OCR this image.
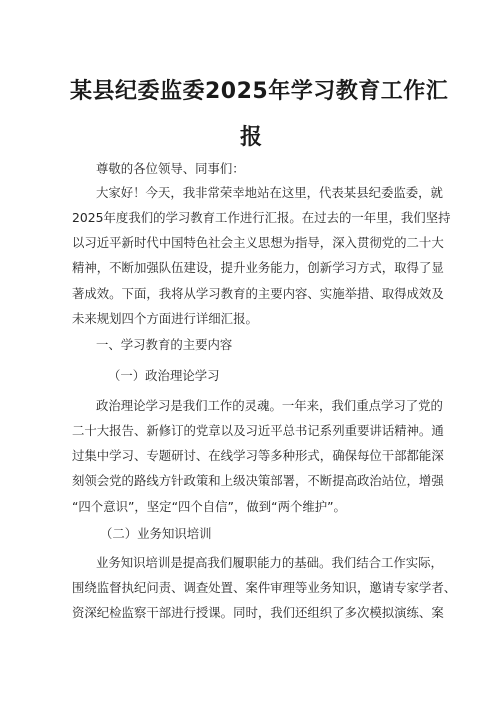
某县纪委监委2025年学习教育工作汇
报
尊敬的各位领导、同事们：
大家好！今天，我非常荣幸地站在这里，代表某县纪委监委，就
2025年度我们的学习教育工作进行汇报。在过去的一年里，我们坚持
以习近平新时代中国特色社会主义思想为指导，深入贯彻党的二十大
精神，不断加强队伍建设，提升业务能力，创新学习方式，取得了显
著成效。下面，我将从学习教育的主要内容、实施举措、取得成效及
未来规划四个方面进行详细汇报。
一、学习教育的主要内容
（一）政治理论学习
政治理论学习是我们工作的灵魂。一年来，我们重点学习了党的
二十大报告、新修订的党章以及习近平总书记系列重要讲话精神。通
过集中学习、专题研讨、在线学习等多种形式，确保每位干部都能深
刻领会党的路线方针政策和上级决策部署，不断提高政治站位，增强
“四个意识”，坚定“四个自信”，做到“两个维护”。
（二）业务知识培训
业务知识培训是提高我们履职能力的基础。我们结合工作实际，
围绕监督执纪问责、调查处置、案件审理等业务知识，邀请专家学者、
资深纪检监察干部进行授课。同时，我们还组织了多次模拟演练、案
